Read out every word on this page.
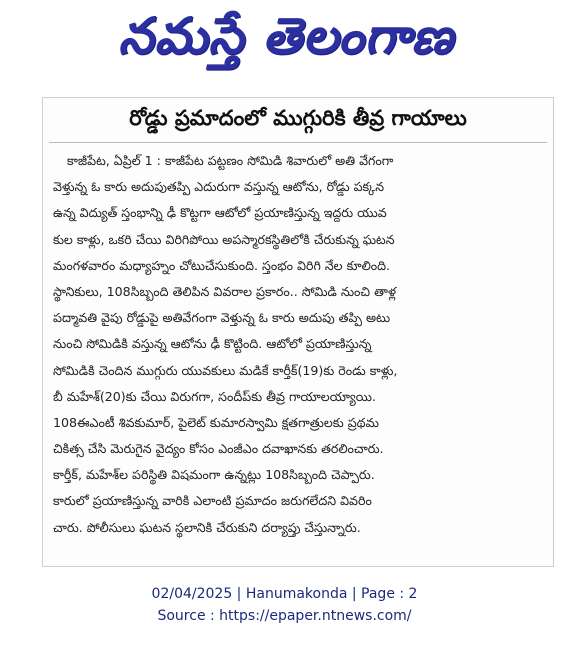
నమస్తే తెలంగాణ
రోడ్డు ప్రమాదంలో ముగ్గురికి తీవ్ర గాయాలు
కాజీపేట, ఏప్రిల్ 1 : కాజీపేట పట్టణం సోమిడి శివారులో అతి వేగంగా
వెళ్తున్న ఓ కారు అదుపుతప్పి ఎదురుగా వస్తున్న ఆటోను, రోడ్డు పక్కన
ఉన్న విద్యుత్ స్తంభాన్ని ఢీ కొట్టగా ఆటోలో ప్రయాణిస్తున్న ఇద్దరు యువ
కుల కాళ్లు, ఒకరి చేయి విరిగిపోయి అపస్మారకస్థితిలోకి చేరుకున్న ఘటన
మంగళవారం మధ్యాహ్నం చోటుచేసుకుంది. స్తంభం విరిగి నేల కూలింది.
స్థానికులు, 108సిబ్బంది తెలిపిన వివరాల ప్రకారం.. సోమిడి నుంచి తాళ్ల
పద్మావతి వైపు రోడ్డుపై అతివేగంగా వెళ్తున్న ఓ కారు అదుపు తప్పి అటు
నుంచి సోమిడికి వస్తున్న ఆటోను ఢీ కొట్టింది. ఆటోలో ప్రయాణిస్తున్న
సోమిడికి చెందిన ముగ్గురు యువకులు మడికే కార్తీక్(19)కు రెండు కాళ్లు,
బీ మహేశ్(20)కు చేయి విరుగగా, సందీప్‌కు తీవ్ర గాయాలయ్యాయి.
108ఈఎంటీ శివకుమార్, పైలెట్ కుమారస్వామి క్షతగాత్రులకు ప్రథమ
చికిత్స చేసి మెరుగైన వైద్యం కోసం ఎంజీఎం దవాఖానకు తరలించారు.
కార్తీక్, మహేశ్‌ల పరిస్థితి విషమంగా ఉన్నట్లు 108సిబ్బంది చెప్పారు.
కారులో ప్రయాణిస్తున్న వారికి ఎలాంటి ప్రమాదం జరుగలేదని వివరిం
చారు. పోలీసులు ఘటన స్థలానికి చేరుకుని దర్యాప్తు చేస్తున్నారు.
02/04/2025 | Hanumakonda | Page : 2
Source : https://epaper.ntnews.com/
